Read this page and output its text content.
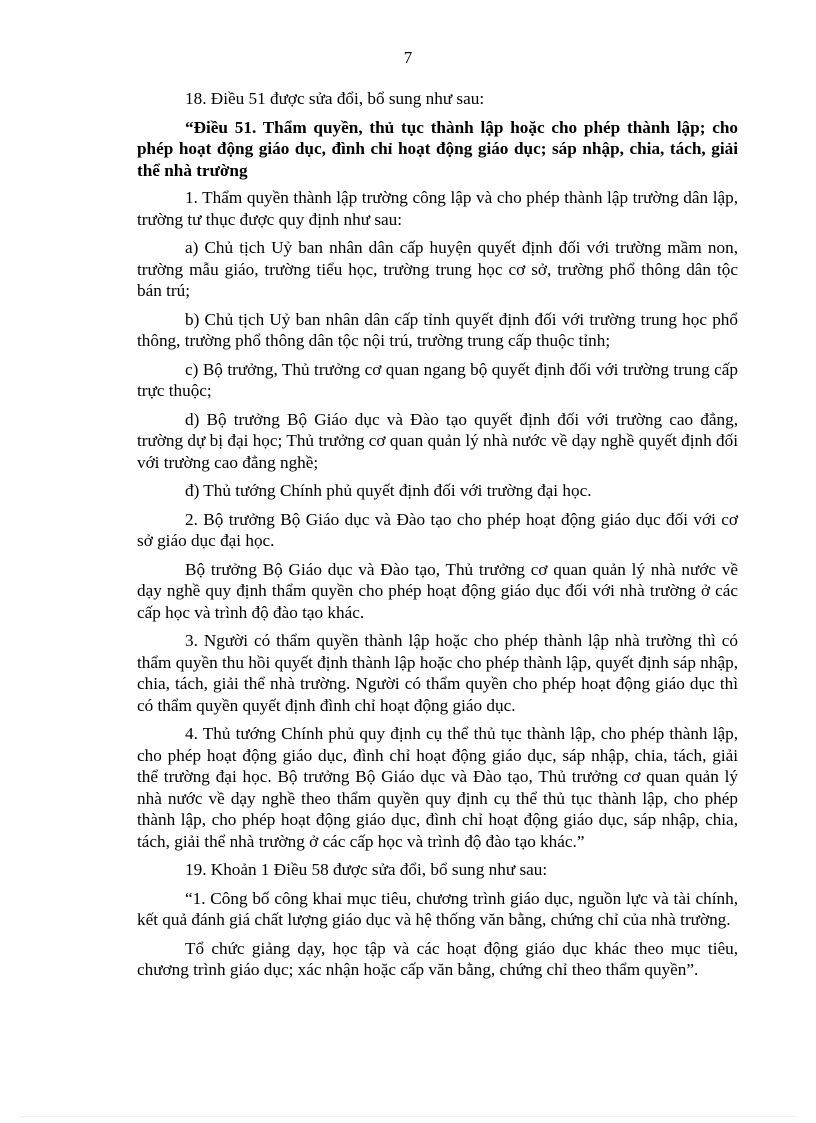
7

18. Điều 51 được sửa đổi, bổ sung như sau:

“Điều 51. Thẩm quyền, thủ tục thành lập hoặc cho phép thành lập; cho phép hoạt động giáo dục, đình chỉ hoạt động giáo dục; sáp nhập, chia, tách, giải thể nhà trường

1. Thẩm quyền thành lập trường công lập và cho phép thành lập trường dân lập, trường tư thục được quy định như sau:

a) Chủ tịch Uỷ ban nhân dân cấp huyện quyết định đối với trường mầm non, trường mẫu giáo, trường tiểu học, trường trung học cơ sở, trường phổ thông dân tộc bán trú;

b) Chủ tịch Uỷ ban nhân dân cấp tỉnh quyết định đối với trường trung học phổ thông, trường phổ thông dân tộc nội trú, trường trung cấp thuộc tỉnh;

c) Bộ trưởng, Thủ trưởng cơ quan ngang bộ quyết định đối với trường trung cấp trực thuộc;

d) Bộ trưởng Bộ Giáo dục và Đào tạo quyết định đối với trường cao đẳng, trường dự bị đại học; Thủ trưởng cơ quan quản lý nhà nước về dạy nghề quyết định đối với trường cao đẳng nghề;

đ) Thủ tướng Chính phủ quyết định đối với trường đại học.

2. Bộ trưởng Bộ Giáo dục và Đào tạo cho phép hoạt động giáo dục đối với cơ sở giáo dục đại học.

Bộ trưởng Bộ Giáo dục và Đào tạo, Thủ trưởng cơ quan quản lý nhà nước về dạy nghề quy định thẩm quyền cho phép hoạt động giáo dục đối với nhà trường ở các cấp học và trình độ đào tạo khác.

3. Người có thẩm quyền thành lập hoặc cho phép thành lập nhà trường thì có thẩm quyền thu hồi quyết định thành lập hoặc cho phép thành lập, quyết định sáp nhập, chia, tách, giải thể nhà trường. Người có thẩm quyền cho phép hoạt động giáo dục thì có thẩm quyền quyết định đình chỉ hoạt động giáo dục.

4. Thủ tướng Chính phủ quy định cụ thể thủ tục thành lập, cho phép thành lập, cho phép hoạt động giáo dục, đình chỉ hoạt động giáo dục, sáp nhập, chia, tách, giải thể trường đại học. Bộ trưởng Bộ Giáo dục và Đào tạo, Thủ trưởng cơ quan quản lý nhà nước về dạy nghề theo thẩm quyền quy định cụ thể thủ tục thành lập, cho phép thành lập, cho phép hoạt động giáo dục, đình chỉ hoạt động giáo dục, sáp nhập, chia, tách, giải thể nhà trường ở các cấp học và trình độ đào tạo khác.”

19. Khoản 1 Điều 58 được sửa đổi, bổ sung như sau:

“1. Công bố công khai mục tiêu, chương trình giáo dục, nguồn lực và tài chính, kết quả đánh giá chất lượng giáo dục và hệ thống văn bằng, chứng chỉ của nhà trường.

Tổ chức giảng dạy, học tập và các hoạt động giáo dục khác theo mục tiêu, chương trình giáo dục; xác nhận hoặc cấp văn bằng, chứng chỉ theo thẩm quyền”.
